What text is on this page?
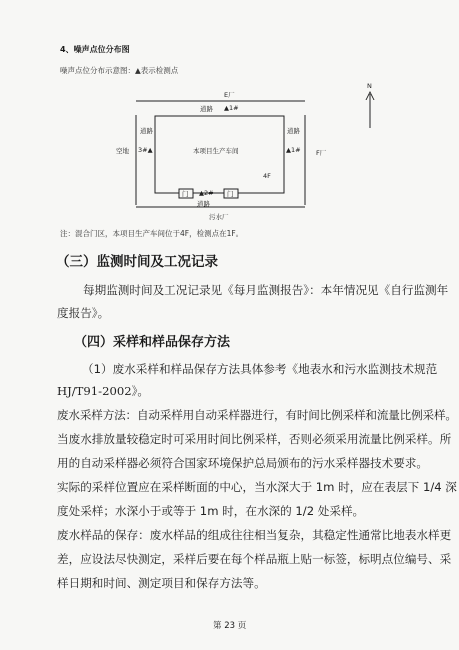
4、噪声点位分布图
噪声点位分布示意图：▲表示检测点
N
E厂
道路 ▲1#
道路	道路
空地 3#▲	本项目生产车间	▲1# F厂
4F
门 ▲2# 门
道路
污水厂
注：混合门区，本项目生产车间位于4F，检测点在1F。
（三）监测时间及工况记录
每期监测时间及工况记录见《每月监测报告》：本年情况见《自行监测年
度报告》。
（四）采样和样品保存方法
（1）废水采样和样品保存方法具体参考《地表水和污水监测技术规范
HJ/T91-2002》。
废水采样方法：自动采样用自动采样器进行，有时间比例采样和流量比例采样。
当废水排放量较稳定时可采用时间比例采样，否则必须采用流量比例采样。所
用的自动采样器必须符合国家环境保护总局颁布的污水采样器技术要求。
实际的采样位置应在采样断面的中心，当水深大于 1m 时，应在表层下 1/4 深
度处采样；水深小于或等于 1m 时，在水深的 1/2 处采样。
废水样品的保存：废水样品的组成往往相当复杂，其稳定性通常比地表水样更
差，应设法尽快测定，采样后要在每个样品瓶上贴一标签，标明点位编号、采
样日期和时间、测定项目和保存方法等。
第 23 页
